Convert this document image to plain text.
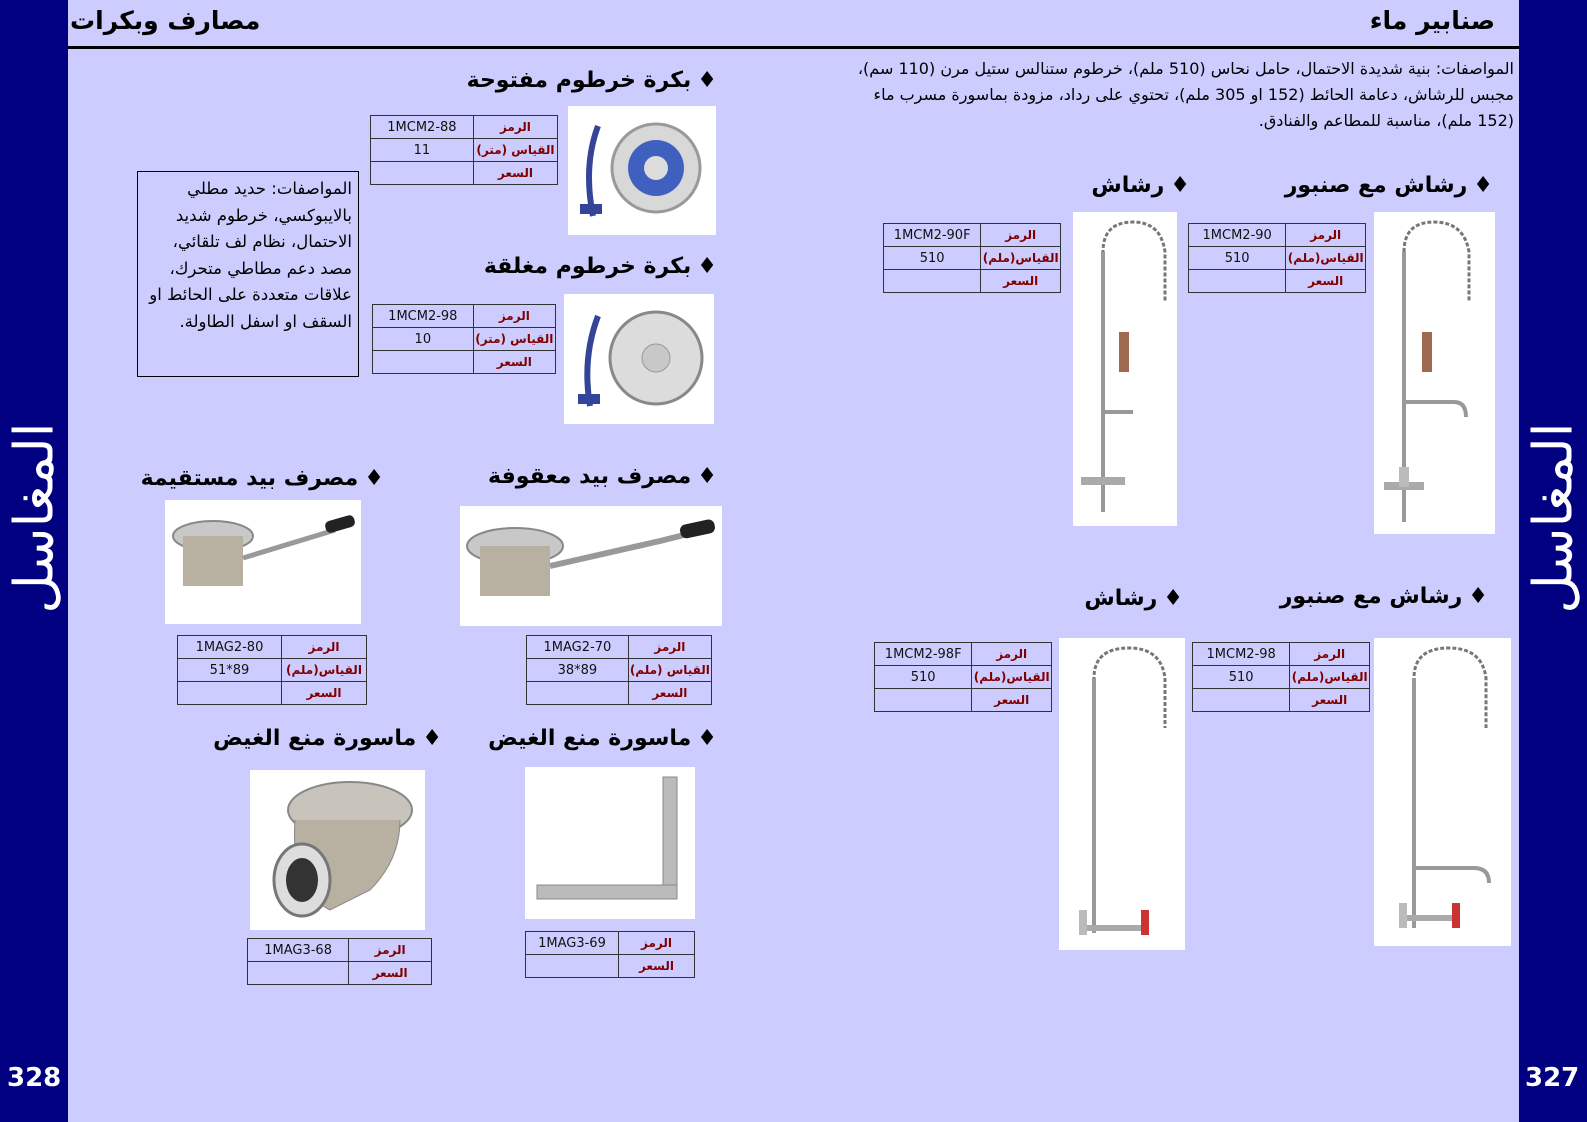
المغاسل	المغاسل
328	327
مصارف وبكرات	صنابير ماء
المواصفات: بنية شديدة الاحتمال، حامل نحاس (510 ملم)، خرطوم ستنالس ستيل مرن (110 سم)، مجبس للرشاش، دعامة الحائط (152 او 305 ملم)، تحتوي على رداد، مزودة بماسورة مسرب ماء (152 ملم)، مناسبة للمطاعم والفنادق.
♦رشاش مع صنبور
1MCM2-90	الرمز
510	القياس(ملم)
	السعر
♦رشاش
1MCM2-90F	الرمز
510	القياس(ملم)
	السعر
♦رشاش مع صنبور
1MCM2-98	الرمز
510	القياس(ملم)
	السعر
♦رشاش
1MCM2-98F	الرمز
510	القياس(ملم)
	السعر
♦بكرة خرطوم مفتوحة
1MCM2-88	الرمز
11	القياس (متر)
	السعر
♦بكرة خرطوم مغلقة
1MCM2-98	الرمز
10	القياس (متر)
	السعر
المواصفات: حديد مطلي بالايبوكسي، خرطوم شديد الاحتمال، نظام لف تلقائي، مصد دعم مطاطي متحرك، علاقات متعددة على الحائط او السقف او اسفل الطاولة.
♦مصرف بيد معقوفة
1MAG2-70	الرمز
38*89	القياس (ملم)
	السعر
♦مصرف بيد مستقيمة
1MAG2-80	الرمز
51*89	القياس(ملم)
	السعر
♦ماسورة منع الغيض
1MAG3-69	الرمز
	السعر
♦ماسورة منع الغيض
1MAG3-68	الرمز
	السعر
